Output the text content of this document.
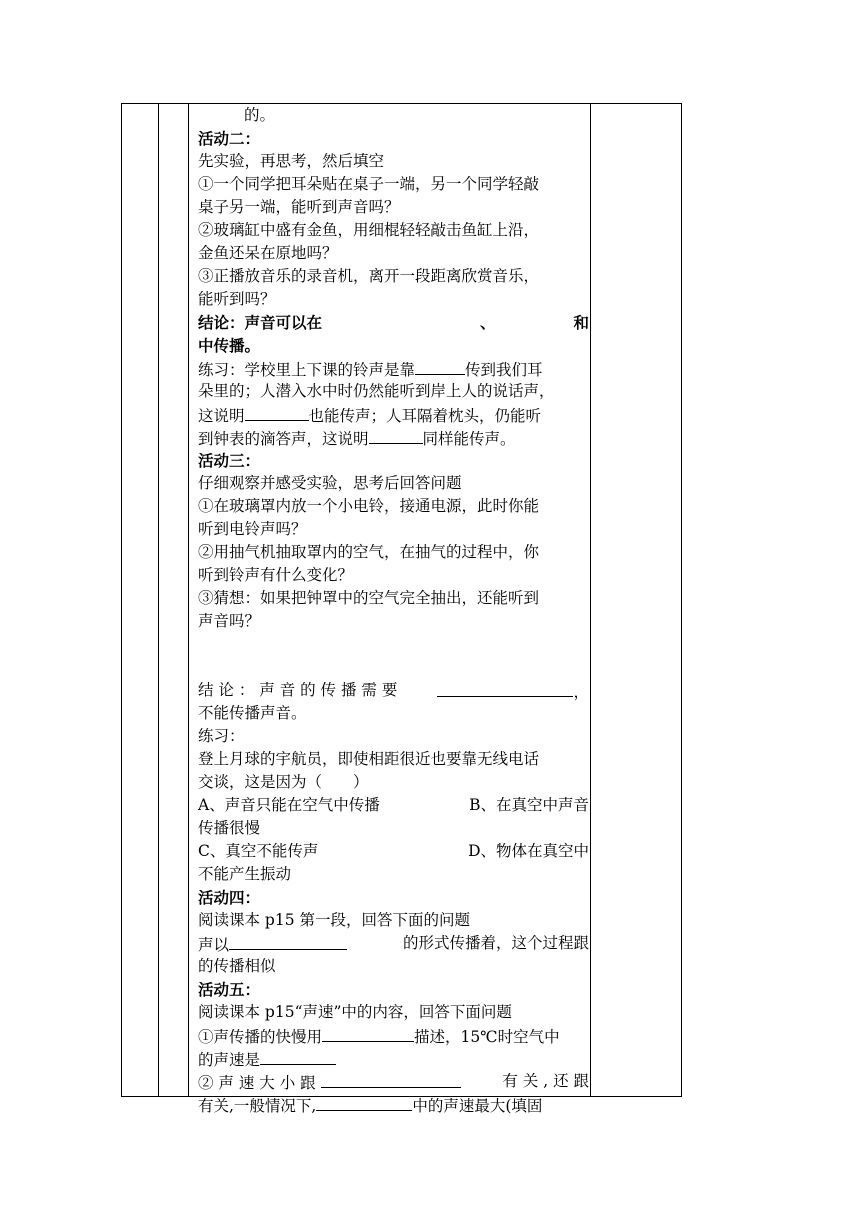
的。
活动二：
先实验，再思考，然后填空
①一个同学把耳朵贴在桌子一端，另一个同学轻敲
桌子另一端，能听到声音吗？
②玻璃缸中盛有金鱼，用细棍轻轻敲击鱼缸上沿，
金鱼还呆在原地吗？
③正播放音乐的录音机，离开一段距离欣赏音乐，
能听到吗？
结论：声音可以在	、	和
中传播。
练习：学校里上下课的铃声是靠	传到我们耳
朵里的；人潜入水中时仍然能听到岸上人的说话声，
这说明	也能传声；人耳隔着枕头，仍能听
到钟表的滴答声，这说明	同样能传声。
活动三：
仔细观察并感受实验，思考后回答问题
①在玻璃罩内放一个小电铃，接通电源，此时你能
听到电铃声吗？
②用抽气机抽取罩内的空气，在抽气的过程中，你
听到铃声有什么变化？
③猜想：如果把钟罩中的空气完全抽出，还能听到
声音吗？
结 论 ： 声 音 的 传 播 需 要	，
不能传播声音。
练习：
登上月球的宇航员，即使相距很近也要靠无线电话
交谈，这是因为（　　）
A、声音只能在空气中传播	B、在真空中声音
传播很慢
C、真空不能传声	D、物体在真空中
不能产生振动
活动四：
阅读课本 p15 第一段，回答下面的问题
声以	的形式传播着，这个过程跟
的传播相似
活动五：
阅读课本 p15“声速”中的内容，回答下面问题
①声传播的快慢用	描述，15℃时空气中
的声速是
② 声 速 大 小 跟	有 关 , 还 跟
有关,一般情况下,	中的声速最大(填固
